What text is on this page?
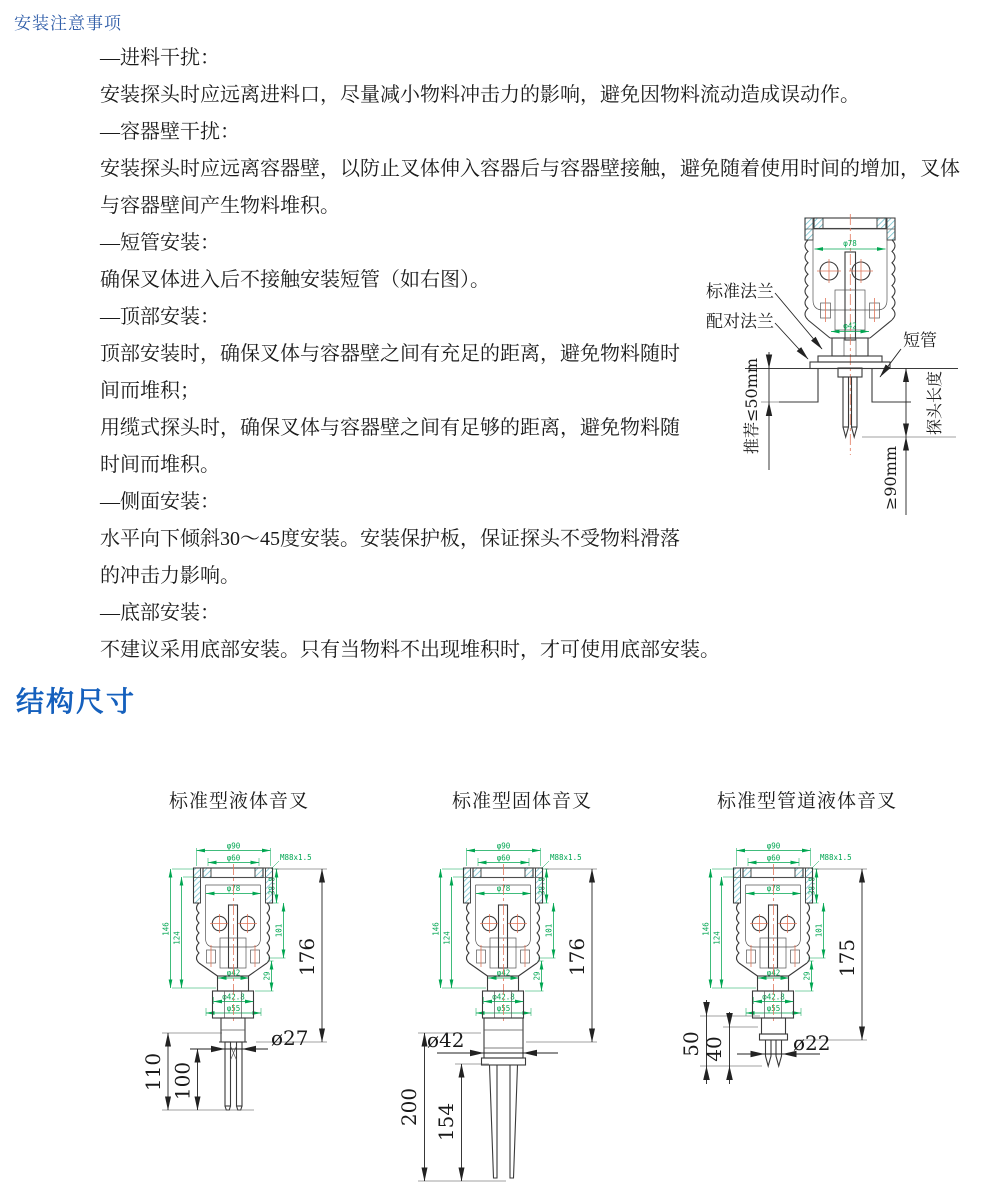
安装注意事项
—进料干扰：
安装探头时应远离进料口，尽量减小物料冲击力的影响，避免因物料流动造成误动作。
—容器壁干扰：
安装探头时应远离容器壁，以防止叉体伸入容器后与容器壁接触，避免随着使用时间的增加，叉体
与容器壁间产生物料堆积。
—短管安装：
确保叉体进入后不接触安装短管（如右图）。
—顶部安装：
顶部安装时，确保叉体与容器壁之间有充足的距离，避免物料随时
间而堆积；
用缆式探头时，确保叉体与容器壁之间有足够的距离，避免物料随
时间而堆积。
—侧面安装：
水平向下倾斜30～45度安装。安装保护板，保证探头不受物料滑落
的冲击力影响。
—底部安装：
不建议采用底部安装。只有当物料不出现堆积时，才可使用底部安装。
φ78
φ42
标准法兰
配对法兰
短管
推荐≤50mm	探头长度
≥90mm
结构尺寸
标准型液体音叉	标准型固体音叉	标准型管道液体音叉
176
ø27
110 100
176
ø42
200 154
175
ø22
50 40
